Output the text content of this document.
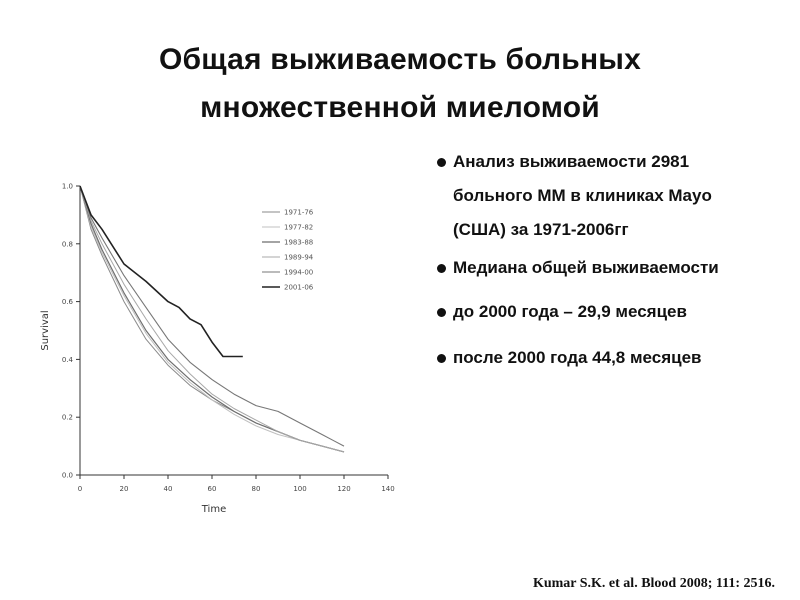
Общая выживаемость больных
множественной миеломой
0.0
0.2
0.4
0.6
0.8
1.0
0	20	40	60	80	100	120	140
Time
Survival
1971-76
1977-82
1983-88
1989-94
1994-00
2001-06
Анализ выживаемости 2981
больного ММ в клиниках Mayo
(США) за 1971-2006гг
Медиана общей выживаемости
до 2000 года – 29,9 месяцев
после 2000 года 44,8 месяцев
Kumar S.K. et al. Blood 2008; 111: 2516.
